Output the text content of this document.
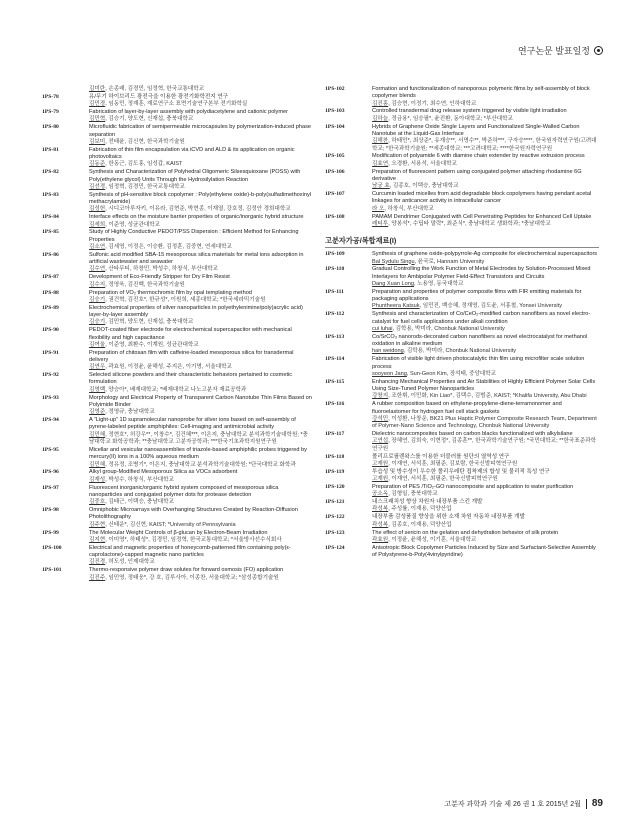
연구논문 발표일정
김미란, 손종래, 김경민, 임정혁, 한국교통대학교
1PS-78	유/무기 하이브리드 광전극을 이용한 광전기화학전지 연구
김민경, 임동민, 정재훈, 재료연구소 표면기술연구본부 전기화학실
1PS-79	Fabrication of layer-by-layer assembly with polydiacetylene and cationic polymer
김민혁, 김승기, 양도현, 신재섭, 충북대학교
1PS-80	Microfluidic fabrication of semipermeable microcapsules by polymerization-induced phase separation
김보미, 전태윤, 김신현, 한국과학기술원
1PS-81	Fabrication of thin film encapsulation via iCVD and ALD & its application on organic photovoltaics
김동준, 한동근, 김도홍, 임성갑, KAIST
1PS-82	Synthesis and Characterization of Polyhedral Oligomeric Silsesquioxane (POSS) with Poly(ethylene glycol) Units Through the Hydrosilylation Reaction
김선경, 임정혁, 김경민, 한국교통대학교
1PS-83	Synthesis of pH-sensitive block copolymer : Poly(ethylene oxide)-b-poly(sulfadimethoxinyl methacrylamide)
김성헌, 시디코아루자키, 이유라, 김현준, 박현종, 이재열, 강호정, 김정안 경희대학교
1PS-84	Interface effects on the moisture barrier properties of organic/inorganic hybrid structure
김세희, 이준영, 성균관대학교
1PS-85	Study of Highly Conductive PEDOT/PSS Dispersion : Efficient Method for Enhancing Properties
김소연, 김세영, 이정은, 이승환, 김정훈, 김중현, 연세대학교
1PS-86	Sulfonic acid modified SBA-15 mesoporous silica materials for metal ions adsorption in artificial wastewater and seawater
김수연, 산타무티, 하창민, 박성수, 하창식, 부산대학교
1PS-87	Development of Eco-Friendly Stripper for Dry Film Resist
김수지, 정영욱, 김진백, 한국과학기술원
1PS-88	Preparation of VO₂ thermochromic film by opal templating method
김승기, 권건혁, 김진호*, 한규성*, 이원희, 세종대학교; *한국세라믹기술원
1PS-89	Electrochemical properties of silver nanoparticles in polyethylenimine/poly(acrylic acid) layer-by-layer assembly
김승기, 김민혁, 양도현, 신재섭, 충북대학교
1PS-90	PEDOT-coated fiber electrode for electrochemical supercapacitor with mechanical flexibility and high capacitance
김여울, 이준영, 최환수, 이계원, 성균관대학교
1PS-91	Preparation of chitosan film with caffeine-loaded mesoporous silica for transdermal delivery
김연우, 곽효원, 이정윤, 윤해성, 주지은, 이기명, 서울대학교
1PS-92	Selected silicone powders and their characteristic behaviors pertained to cosmetic formulation
김영백, 양승아*, 배재대학교; *배재대학교 나노고분자 재료공학과
1PS-93	Morphology and Electrical Property of Transparent Carbon Nanotube Thin Films Based on Polyimide Binder
김영준, 정영규, 충남대학교
1PS-94	A “Light-up” 1D supramolecular nanoprobe for silver ions based on self-assembly of pyrene-labeled peptide amphiphiles: Cell-imaging and antimicrobial activity
김민혜, 정현호*, 허강우**, 이창수*, 김건혜***, 이은지, 충남대학교 분석과학기술대학원; *충남대학교 화학공학과; **충남대학교 고분자공학과; ***한국기초과학지원연구원
1PS-95	Micellar and vesicular nanoassemblies of triazole-based amphiphilic probes triggered by mercury(II) ions in a 100% aqueous medium
김민혜, 정유정, 조병기*, 이은지, 충남대학교 분석과학기술대학원; *단국대학교 화학과
1PS-96	Alkyl group-Modified Mesoporous Silica as VOCs adsorbent
김재성, 박성수, 하창식, 부산대학교
1PS-97	Fluorescent inorganic/organic hybrid system composed of mesoporous silica nanoparticles and conjugated polymer dots for protease detection
김중호, 김태근, 이택승, 충남대학교
1PS-98	Omniphobic Microarrays with Overhanging Structures Created by Reaction-Diffusion Photolithography
김주현, 신태운*, 김신현, KAIST; *University of Pennsylvania
1PS-99	The Molecular Weight Controls of β-glucan by Electron-Beam Irradiation
김지현, 이미영*, 하태성*, 김경민, 임정혁, 한국교통대학교; *서울방사선수식회사
1PS-100	Electrical and magnetic properties of honeycomb-patterned film containing poly(ε-caprolactone)-capped magnetic nano particles
김진경, 허도성, 인제대학교
1PS-101	Thermo-responsive polymer draw solutes for forward osmosis (FO) application
김진주, 임민영, 정태웅*, 강 호, 김루사아, 이종찬, 서울대학교; *삼성종합기술원
1PS-102	Formation and functionalization of nanoporous polymeric films by self-assembly of block copolymer blends
김진홍, 김승현, 이정기, 최수연, 인하대학교
1PS-103	Controlled transdermal drug release system triggered by visible light irradiation
김하늘, 정금용*, 임승필*, 윤진환, 동아대학교; *부산대학교
1PS-104	Hybrids of Graphene Oxide Single Layers and Functionalized Single-Walled Carbon Nanotube at the Liquid-Gas Interface
김해찬, 하태민*, 최상준*, 유재승**, 서명수**, 박준하***, 구자승****, 한국원자력연구원/고려대학교; *한국과학기술원; **세종대학교; ***고려대학교; ****한국원자력연구원
1PS-105	Modification of polyamide 6 with diamine chain extender by reactive extrusion process
김효연, 오경환, 서용석, 서울대학교
1PS-106	Preparation of fluorescent pattern using conjugated polymer attaching rhodamine 6G derivative
남궁 효, 김종호, 이택승, 충남대학교
1PS-107	Curcumin loaded micelles from acid degradable block copolymers having pendant acetal linkages for anticancer activity in intracellular cancer
라 오, 하창식, 부산대학교
1PS-108	PAMAM Dendrimer Conjugated with Cell Penetrating Peptides for Enhanced Cell Uptake
레티투, 양봉석*, 수딥타 말락*, 최준식*, 충남대학교 생화학과; *충남대학교
고분자가공/복합재료(I)
1PS-109	Synthesis of graphene oxide-polypyrrole-Ag composite for electrochemical supercapacitors
Bal Sydulu Singu, 윤국로, Hannam University
1PS-110	Gradual Controlling the Work Function of Metal Electrodes by Solution-Processed Mixed Interlayers for Ambipolar Polymer Field-Effect Transistors and Circuits
Dang Xuan Long, 노용영, 동국대학교
1PS-111	Preparation and properties of polymer composite films with FIR emitting materials for packaging applications
Phuntheera Katsuk, 임민진, 백승혜, 정재영, 김도윤, 서홍철, Yonsei University
1PS-112	Synthesis and characterization of Co/CeO₂-modified carbon nanofibers as novel electro-catalyst for fuel cells applications under alkali condition
cui luhai, 김학용, 박미라, Chonbuk National University
1PS-113	Co/SrCO₃ nanorods-decorated carbon nanofibers as novel electrocatalyst for methanol oxidation in alkaline medium
han weidong, 김학용, 박미라, Chonbuk National University
1PS-114	Fabrication of visible light driven photocatalytic thin film using microfilter scale solution process
sooyeon Jang, Sun-Geon Kim, 장석태, 중앙대학교
1PS-115	Enhancing Mechanical Properties and Air Stabilities of Highly Efficient Polymer Solar Cells Using Size-Tuned Polymer Nanoparticles
강창지, 조한휘, 이민화, Kin Liao*, 김택수, 김범준, KAIST; *Khalifa University, Abu Dhabi
1PS-116	A rubber composition based on ethylene-propylene-diene-terramonomer and fluoroelastomer for hydrogen fuel cell stack gaskets
강석민, 이성환, 나창운, BK21 Plus Haptic Polymer Composite Research Team, Department of Polymer-Nano Science and Technology, Chonbuk National University
1PS-117	Dielectric nanocomposites based on carbon blacks functionalized with alkylsilane
고연섭, 장혜연, 김희숙, 이현정*, 김종훈**, 한국과학기술연구원; *국민대학교; **한국표준과학연구원
1PS-118	폴리프로필렌왁스를 이용한 더블러를 원단의 열역성 연구
고재원, 이재연, 서석훈, 최필준, 김보람, 한국신발피혁연구원
1PS-119	투습성 및 방수성이 우수한 폴리우레탄 접착제의 합성 및 물리적 특성 연구
고재원, 이재연, 서석훈, 최필준, 한국신발피혁연구원
1PS-120	Preparation of PES /TiO₂-GO nanocomposite and application to water purification
공소옥, 김형일, 충북대학교
1PS-121	내스크래치성 향상 차원자 내장부품 스킨 개발
곽성복, 주성률, 이재용, 덕양산업
1PS-122	내장부품 감성품질 향상을 위한 소재 차원 자동차 내장부품 개발
곽성복, 김종호, 이재용, 덕양산업
1PS-123	The effect of sericin on the gelation and dehydration behavior of silk protein
곽효원, 이정윤, 윤해성, 이기훈, 서울대학교
1PS-124	Anisotropic Block Copolymer Particles Induced by Size and Surfactant-Selective Assembly of Polystyrene-b-Poly(4vinylpyridine)
고분자 과학과 기술 제 26 권 1 호 2015년 2월 89
